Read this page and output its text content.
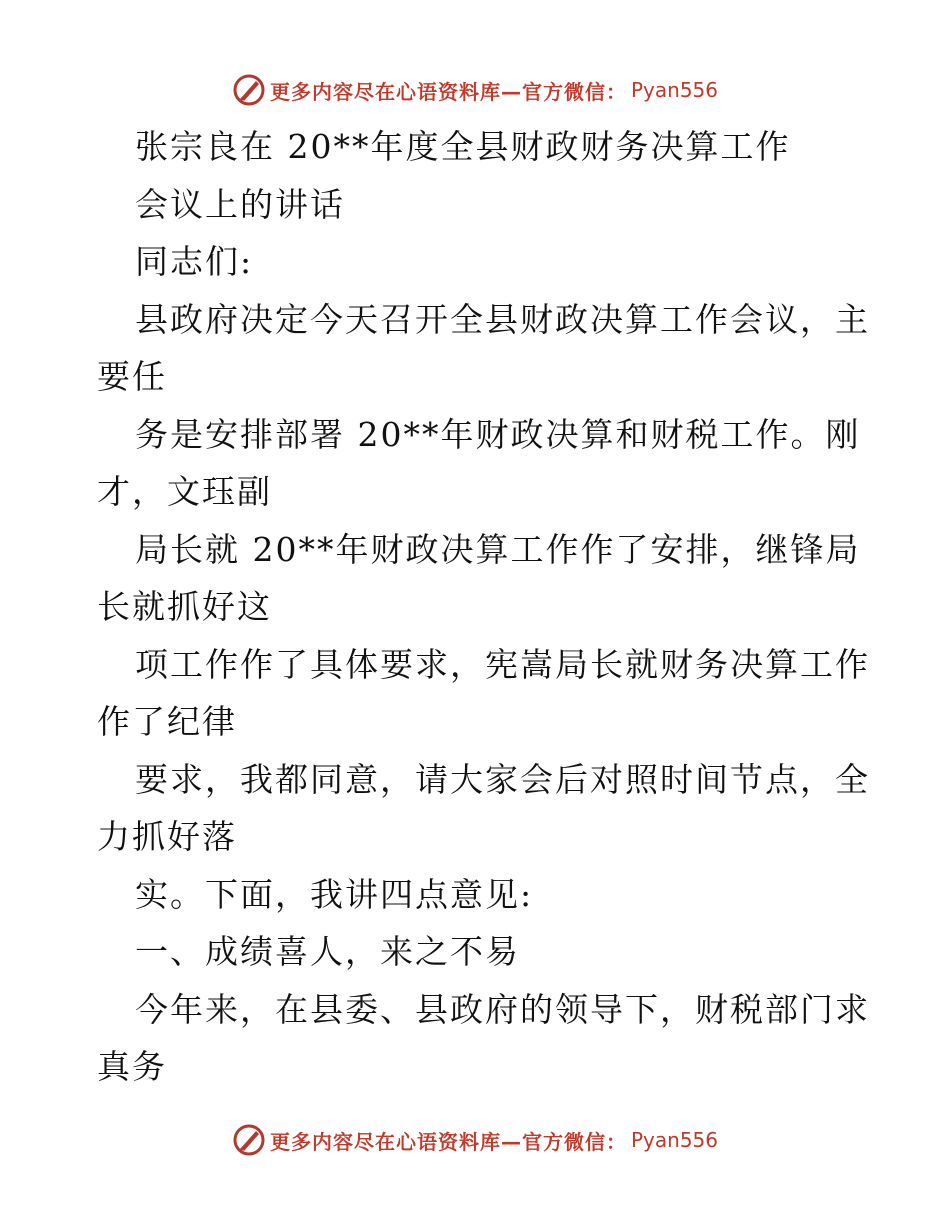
更多内容尽在心语资料库—官方微信： Pyan556
张宗良在 20**年度全县财政财务决算工作
会议上的讲话
同志们:
县政府决定今天召开全县财政决算工作会议，主
要任
务是安排部署 20**年财政决算和财税工作。刚
才，文珏副
局长就 20**年财政决算工作作了安排，继锋局
长就抓好这
项工作作了具体要求，宪嵩局长就财务决算工作
作了纪律
要求，我都同意，请大家会后对照时间节点，全
力抓好落
实。下面，我讲四点意见:
一、成绩喜人，来之不易
今年来，在县委、县政府的领导下，财税部门求
真务
更多内容尽在心语资料库—官方微信： Pyan556
